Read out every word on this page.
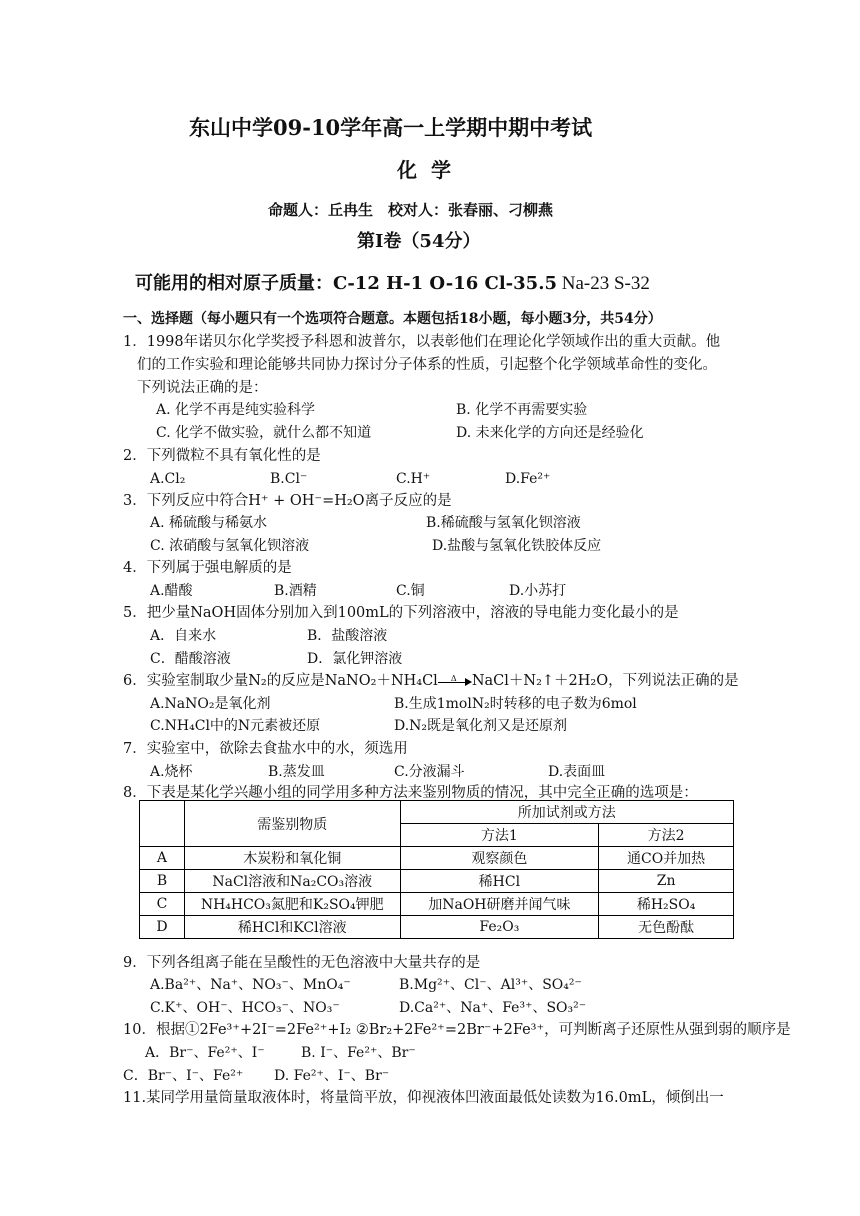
东山中学09-10学年高一上学期中期中考试
化学
命题人：丘冉生　校对人：张春丽、刁柳燕
第Ⅰ卷（54分）
可能用的相对原子质量：C-12 H-1 O-16 Cl-35.5 Na-23 S-32
一、选择题（每小题只有一个选项符合题意。本题包括18小题，每小题3分，共54分）
1．1998年诺贝尔化学奖授予科恩和波普尔，以表彰他们在理论化学领域作出的重大贡献。他
们的工作实验和理论能够共同协力探讨分子体系的性质，引起整个化学领域革命性的变化。
下列说法正确的是：
A. 化学不再是纯实验科学	B. 化学不再需要实验
C. 化学不做实验，就什么都不知道	D. 未来化学的方向还是经验化
2．下列微粒不具有氧化性的是
A.Cl₂	B.Cl⁻	C.H⁺	D.Fe²⁺
3．下列反应中符合H⁺ + OH⁻=H₂O离子反应的是
A. 稀硫酸与稀氨水	B.稀硫酸与氢氧化钡溶液
C. 浓硝酸与氢氧化钡溶液	D.盐酸与氢氧化铁胶体反应
4．下列属于强电解质的是
A.醋酸	B.酒精	C.铜	D.小苏打
5．把少量NaOH固体分别加入到100mL的下列溶液中，溶液的导电能力变化最小的是
A．自来水	B．盐酸溶液
C．醋酸溶液	D．氯化钾溶液
6．实验室制取少量N₂的反应是NaNO₂＋NH₄Cl Δ NaCl＋N₂↑＋2H₂O，下列说法正确的是
A.NaNO₂是氧化剂	B.生成1molN₂时转移的电子数为6mol
C.NH₄Cl中的N元素被还原	D.N₂既是氧化剂又是还原剂
7．实验室中，欲除去食盐水中的水，须选用
A.烧杯	B.蒸发皿	C.分液漏斗	D.表面皿
8．下表是某化学兴趣小组的同学用多种方法来鉴别物质的情况，其中完全正确的选项是：
	需鉴别物质	所加试剂或方法	
		方法1	方法2
A	木炭粉和氧化铜	观察颜色	通CO并加热
B	NaCl溶液和Na₂CO₃溶液	稀HCl	Zn
C	NH₄HCO₃氮肥和K₂SO₄钾肥	加NaOH研磨并闻气味	稀H₂SO₄
D	稀HCl和KCl溶液	Fe₂O₃	无色酚酞
9．下列各组离子能在呈酸性的无色溶液中大量共存的是
A.Ba²⁺、Na⁺、NO₃⁻、MnO₄⁻	B.Mg²⁺、Cl⁻、Al³⁺、SO₄²⁻
C.K⁺、OH⁻、HCO₃⁻、NO₃⁻	D.Ca²⁺、Na⁺、Fe³⁺、SO₃²⁻
10．根据①2Fe³⁺+2I⁻=2Fe²⁺+I₂ ②Br₂+2Fe²⁺=2Br⁻+2Fe³⁺，可判断离子还原性从强到弱的顺序是
A．Br⁻、Fe²⁺、I⁻	B. I⁻、Fe²⁺、Br⁻
C．Br⁻、I⁻、Fe²⁺ D. Fe²⁺、I⁻、Br⁻
11.某同学用量筒量取液体时，将量筒平放，仰视液体凹液面最低处读数为16.0mL，倾倒出一
